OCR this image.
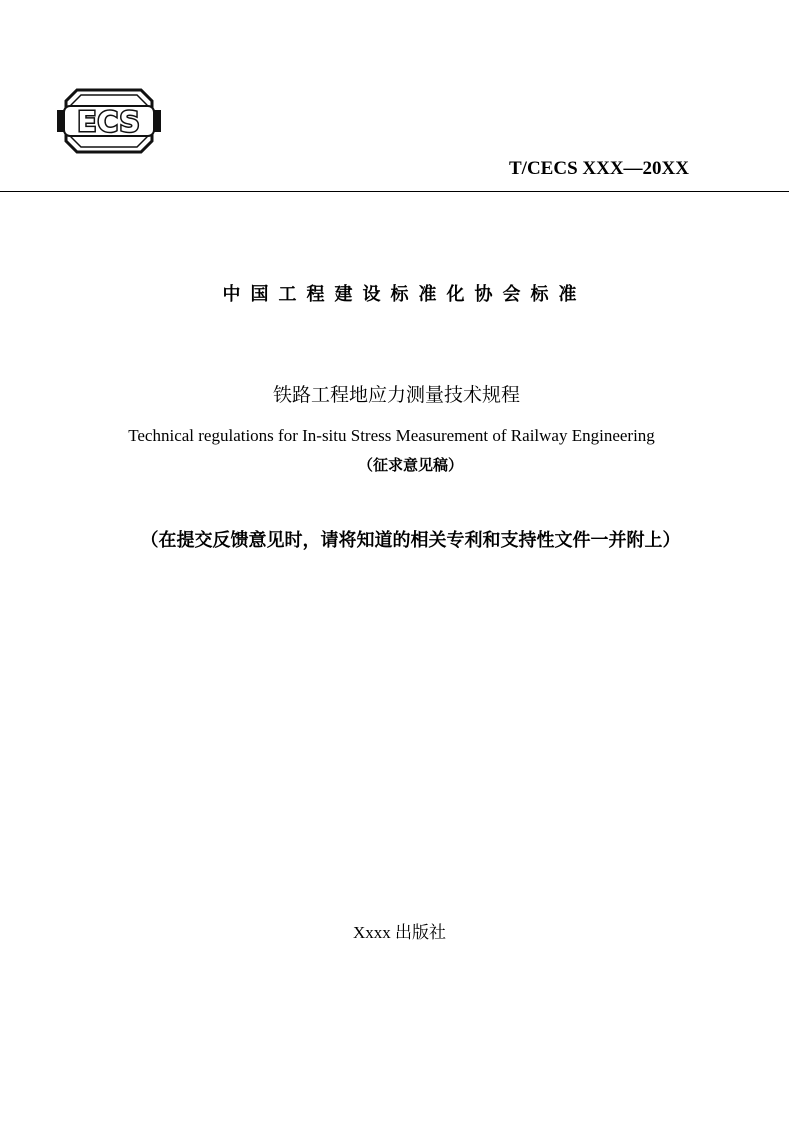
ECS
T/CECS XXX—20XX
中国工程建设标准化协会标准
铁路工程地应力测量技术规程
Technical regulations for In-situ Stress Measurement of Railway Engineering
（征求意见稿）
（在提交反馈意见时，请将知道的相关专利和支持性文件一并附上）
Xxxx 出版社
